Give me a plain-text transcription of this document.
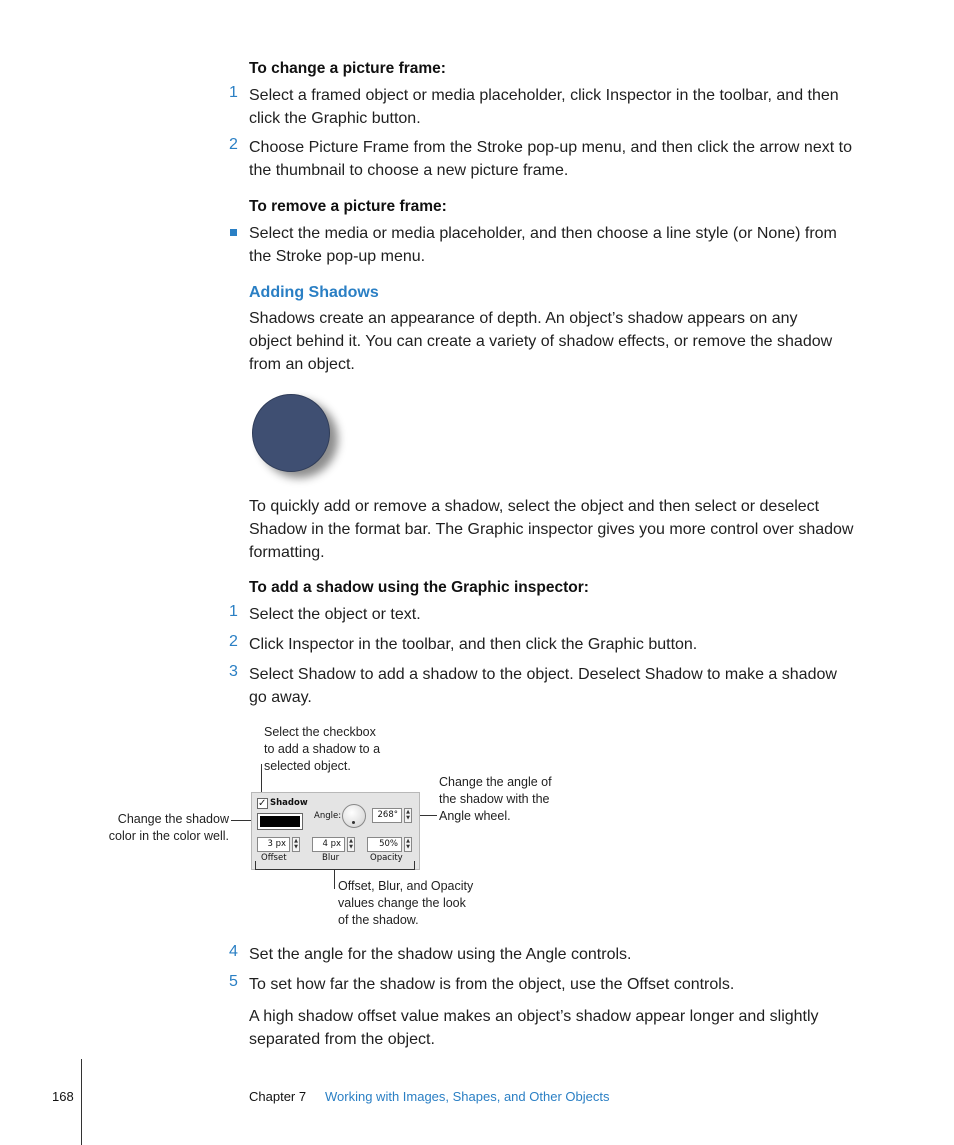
To change a picture frame:
1 Select a framed object or media placeholder, click Inspector in the toolbar, and then
click the Graphic button.
2 Choose Picture Frame from the Stroke pop-up menu, and then click the arrow next to
the thumbnail to choose a new picture frame.
To remove a picture frame:
Select the media or media placeholder, and then choose a line style (or None) from
the Stroke pop-up menu.
Adding Shadows
Shadows create an appearance of depth. An object’s shadow appears on any
object behind it. You can create a variety of shadow effects, or remove the shadow
from an object.
To quickly add or remove a shadow, select the object and then select or deselect
Shadow in the format bar. The Graphic inspector gives you more control over shadow
formatting.
To add a shadow using the Graphic inspector:
1 Select the object or text.
2 Click Inspector in the toolbar, and then click the Graphic button.
3 Select Shadow to add a shadow to the object. Deselect Shadow to make a shadow
go away.
Select the checkbox
to add a shadow to a
selected object.
Change the shadow
color in the color well.
Change the angle of
the shadow with the
Angle wheel.
✓ Shadow
Angle:	268°	▲
▼
3 px	▲
▼
Offset
4 px	▲
▼
Blur
50%	▲
▼
Opacity
Offset, Blur, and Opacity
values change the look
of the shadow.
4 Set the angle for the shadow using the Angle controls.
5 To set how far the shadow is from the object, use the Offset controls.
A high shadow offset value makes an object’s shadow appear longer and slightly
separated from the object.
168	Chapter 7 Working with Images, Shapes, and Other Objects
